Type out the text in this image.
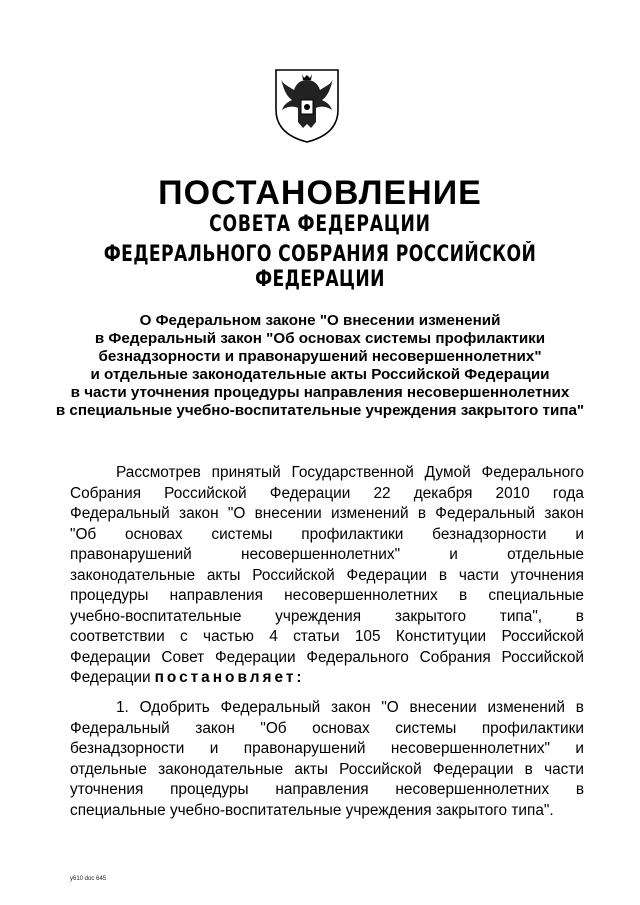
ПОСТАНОВЛЕНИЕ
СОВЕТА ФЕДЕРАЦИИ
ФЕДЕРАЛЬНОГО СОБРАНИЯ РОССИЙСКОЙ ФЕДЕРАЦИИ
О Федеральном законе "О внесении изменений
в Федеральный закон "Об основах системы профилактики
безнадзорности и правонарушений несовершеннолетних"
и отдельные законодательные акты Российской Федерации
в части уточнения процедуры направления несовершеннолетних
в специальные учебно-воспитательные учреждения закрытого типа"
Рассмотрев принятый Государственной Думой Федерального
Собрания Российской Федерации 22 декабря 2010 года
Федеральный закон "О внесении изменений в Федеральный закон
"Об основах системы профилактики безнадзорности и
правонарушений	несовершеннолетних"	и	отдельные
законодательные акты Российской Федерации в части уточнения
процедуры направления несовершеннолетних в специальные
учебно-воспитательные учреждения закрытого типа", в
соответствии с частью 4 статьи 105 Конституции Российской
Федерации Совет Федерации Федерального Собрания Российской
Федерации постановляет:
1. Одобрить Федеральный закон "О внесении изменений в
Федеральный закон "Об основах системы профилактики
безнадзорности и правонарушений несовершеннолетних" и
отдельные законодательные акты Российской Федерации в части
уточнения процедуры направления несовершеннолетних в
специальные учебно-воспитательные учреждения закрытого типа".
у610 doc 645
